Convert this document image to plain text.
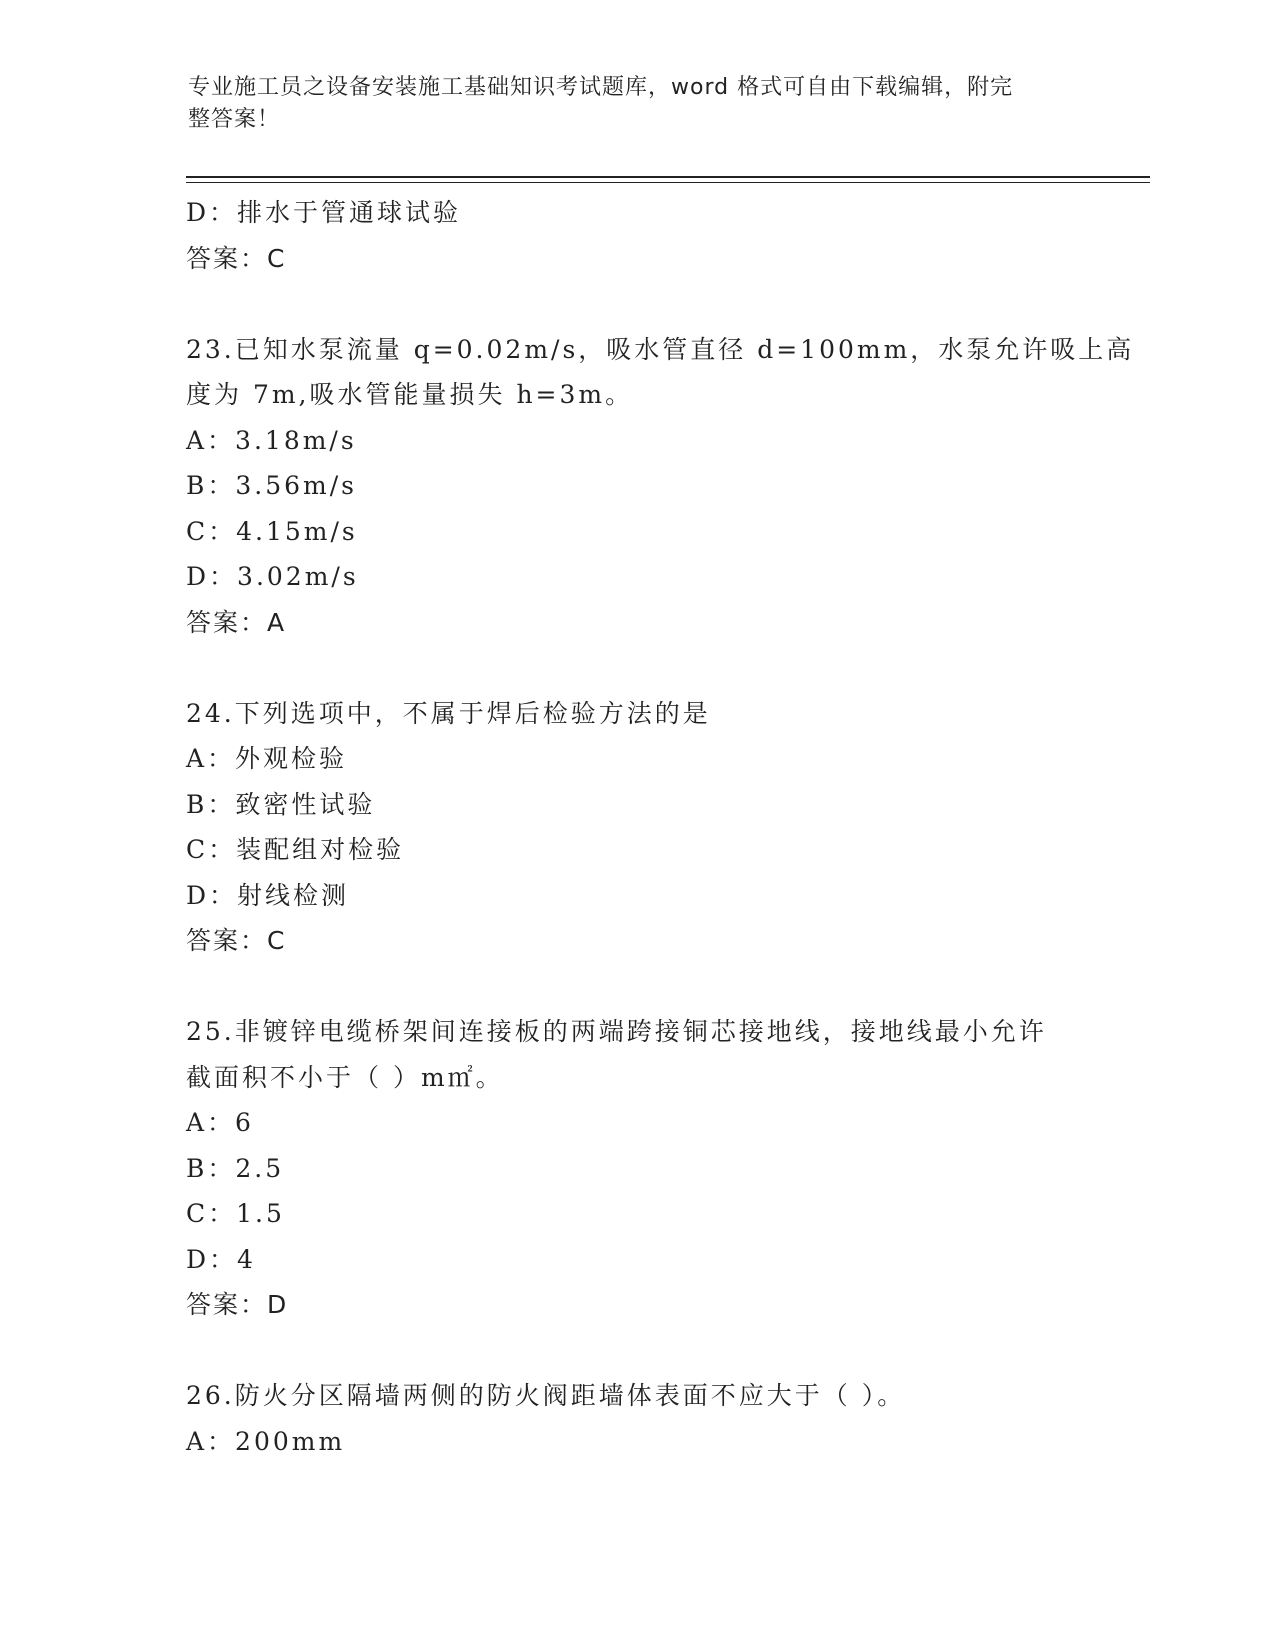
专业施工员之设备安装施工基础知识考试题库，word 格式可自由下载编辑，附完
整答案！
D：排水于管通球试验
答案：C
23.已知水泵流量 q=0.02m/s，吸水管直径 d=100mm，水泵允许吸上高
度为 7m,吸水管能量损失 h=3m。
A：3.18m/s
B：3.56m/s
C：4.15m/s
D：3.02m/s
答案：A
24.下列选项中，不属于焊后检验方法的是
A：外观检验
B：致密性试验
C：装配组对检验
D：射线检测
答案：C
25.非镀锌电缆桥架间连接板的两端跨接铜芯接地线，接地线最小允许
截面积不小于（ ）m㎡。
A：6
B：2.5
C：1.5
D：4
答案：D
26.防火分区隔墙两侧的防火阀距墙体表面不应大于（ ）。
A：200mm
